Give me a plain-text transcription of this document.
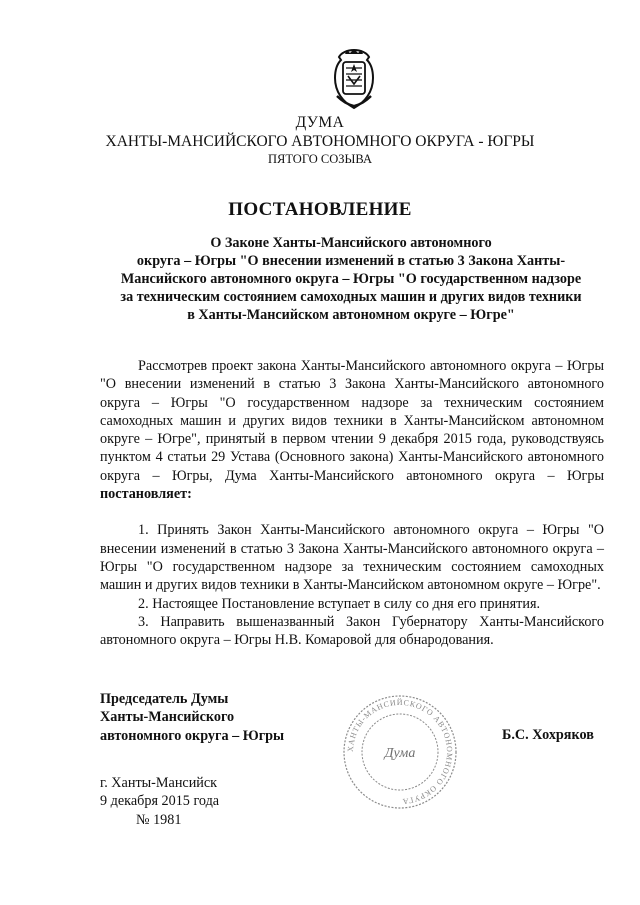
ДУМА
ХАНТЫ-МАНСИЙСКОГО АВТОНОМНОГО ОКРУГА - ЮГРЫ
ПЯТОГО СОЗЫВА
ПОСТАНОВЛЕНИЕ
О Законе Ханты-Мансийского автономного
округа – Югры "О внесении изменений в статью 3 Закона Ханты-
Мансийского автономного округа – Югры "О государственном надзоре
за техническим состоянием самоходных машин и других видов техники
в Ханты-Мансийском автономном округе – Югре"

Рассмотрев проект закона Ханты-Мансийского автономного округа – Югры "О внесении изменений в статью 3 Закона Ханты-Мансийского автономного округа – Югры "О государственном надзоре за техническим состоянием самоходных машин и других видов техники в Ханты-Мансийском автономном округе – Югре", принятый в первом чтении 9 декабря 2015 года, руководствуясь пунктом 4 статьи 29 Устава (Основного закона) Ханты-Мансийского автономного округа – Югры, Дума Ханты-Мансийского автономного округа – Югры постановляет:

1. Принять Закон Ханты-Мансийского автономного округа – Югры "О внесении изменений в статью 3 Закона Ханты-Мансийского автономного округа – Югры "О государственном надзоре за техническим состоянием самоходных машин и других видов техники в Ханты-Мансийском автономном округе – Югре".

2. Настоящее Постановление вступает в силу со дня его принятия.

3. Направить вышеназванный Закон Губернатору Ханты-Мансийского автономного округа – Югры Н.В. Комаровой для обнародования.

Председатель Думы
Ханты-Мансийского
автономного округа – Югры
ХАНТЫ-МАНСИЙСКОГО АВТОНОМНОГО ОКРУГА
Дума
Б.С. Хохряков
г. Ханты-Мансийск
9 декабря 2015 года
№ 1981
